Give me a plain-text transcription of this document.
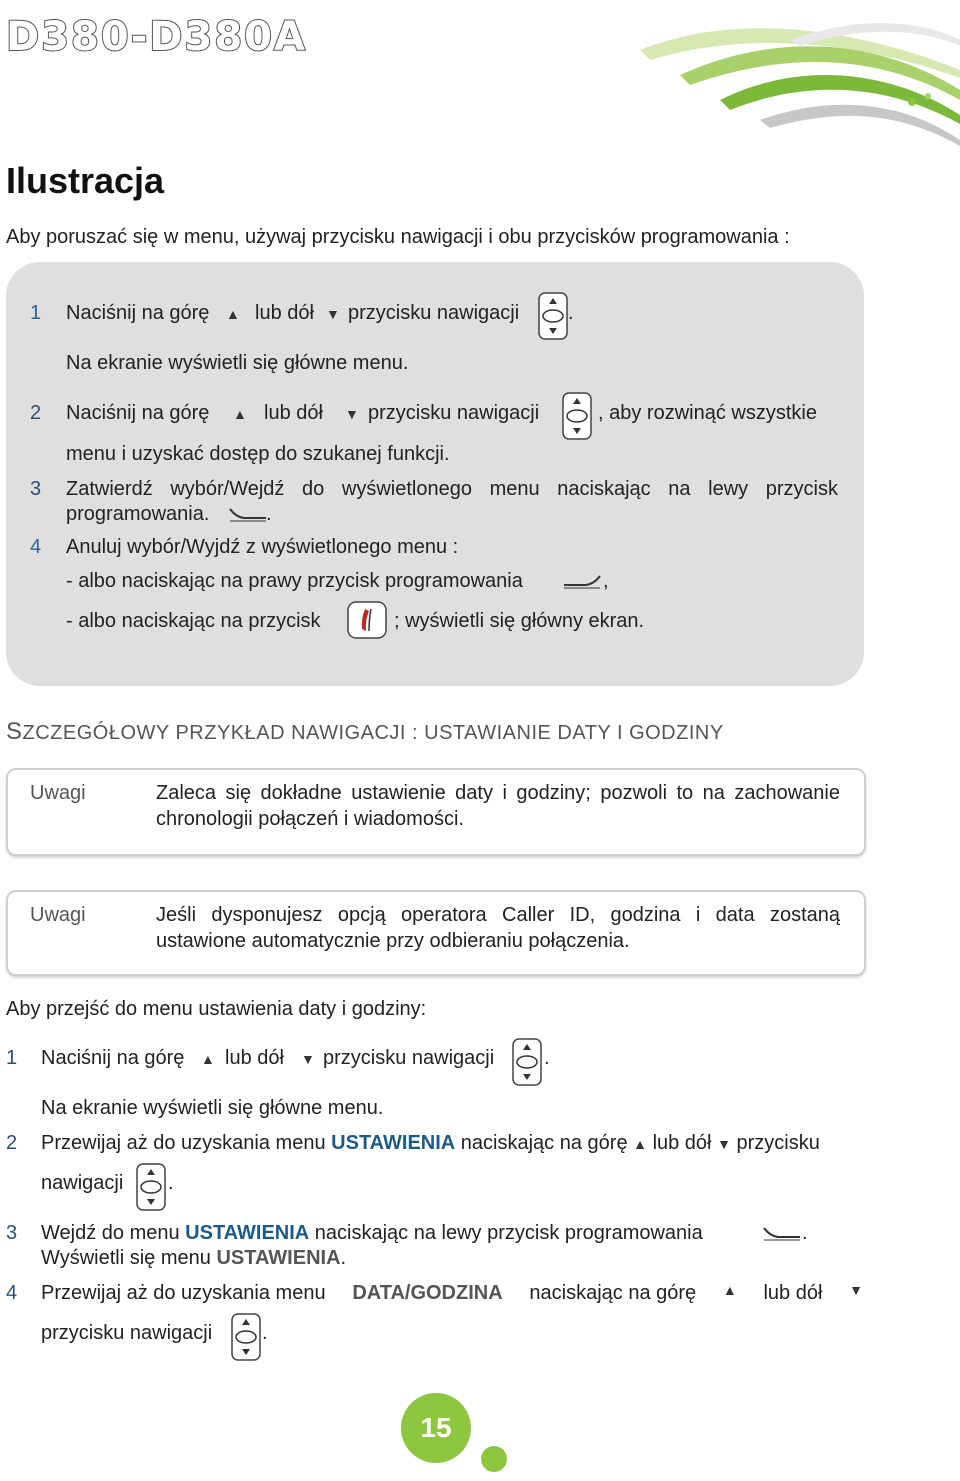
D380-D380A
Ilustracja
Aby poruszać się w menu, używaj przycisku nawigacji i obu przycisków programowania :
1 Naciśnij na górę ▲ lub dół ▼ przycisku nawigacji .
Na ekranie wyświetli się główne menu.
2 Naciśnij na górę ▲ lub dół ▼ przycisku nawigacji	, aby rozwinąć wszystkie
menu i uzyskać dostęp do szukanej funkcji.
3 Zatwierdź wybór/Wejdź do wyświetlonego menu naciskając na lewy przycisk
programowania.	.
4 Anuluj wybór/Wyjdź z wyświetlonego menu :
- albo naciskając na prawy przycisk programowania	,
- albo naciskając na przycisk	; wyświetli się główny ekran.
SZCZEGÓŁOWY PRZYKŁAD NAWIGACJI : USTAWIANIE DATY I GODZINY
Uwagi	Zaleca się dokładne ustawienie daty i godziny; pozwoli to na zachowanie chronologii połączeń i wiadomości.
Uwagi	Jeśli dysponujesz opcją operatora Caller ID, godzina i data zostaną ustawione automatycznie przy odbieraniu połączenia.
Aby przejść do menu ustawienia daty i godziny:
1 Naciśnij na górę ▲ lub dół ▼ przycisku nawigacji .
Na ekranie wyświetli się główne menu.
2 Przewijaj aż do uzyskania menu USTAWIENIA naciskając na górę ▲ lub dół ▼ przycisku
nawigacji .
3 Wejdź do menu USTAWIENIA naciskając na lewy przycisk programowania	.
Wyświetli się menu USTAWIENIA.
4 Przewijaj aż do uzyskania menu DATA/GODZINA naciskając na górę ▲ lub dół ▼
przycisku nawigacji .
15
